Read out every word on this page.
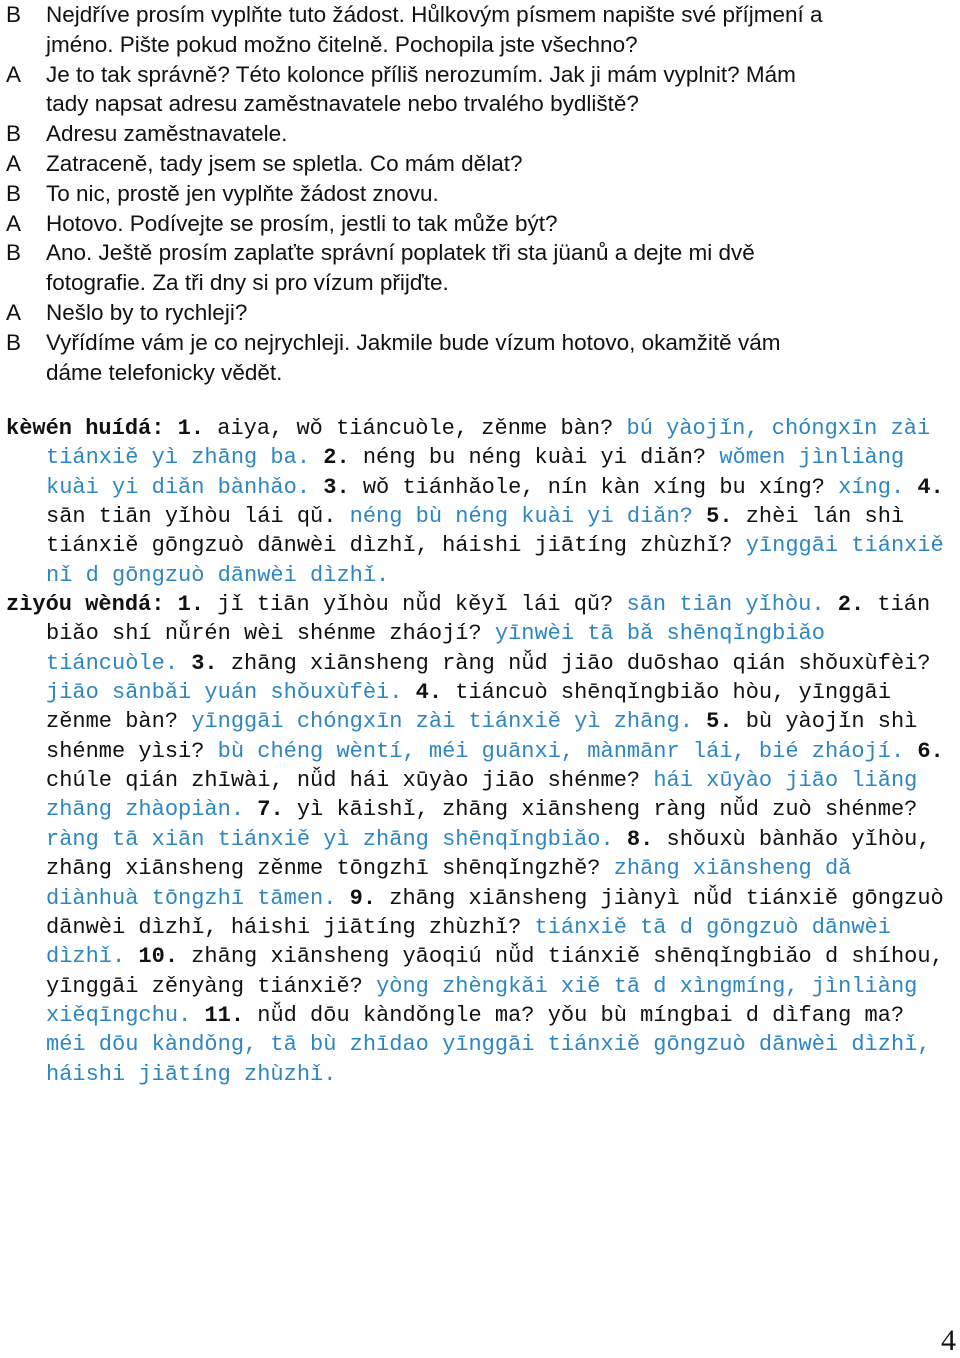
B	Nejdříve prosím vyplňte tuto žádost. Hůlkovým písmem napište své příjmení a
jméno. Pište pokud možno čitelně. Pochopila jste všechno?
A	Je to tak správně? Této kolonce příliš nerozumím. Jak ji mám vyplnit? Mám
tady napsat adresu zaměstnavatele nebo trvalého bydliště?
B	Adresu zaměstnavatele.
A	Zatraceně, tady jsem se spletla. Co mám dělat?
B	To nic, prostě jen vyplňte žádost znovu.
A	Hotovo. Podívejte se prosím, jestli to tak může být?
B	Ano. Ještě prosím zaplaťte správní poplatek tři sta jüanů a dejte mi dvě
fotografie. Za tři dny si pro vízum přijďte.
A	Nešlo by to rychleji?
B	Vyřídíme vám je co nejrychleji. Jakmile bude vízum hotovo, okamžitě vám
dáme telefonicky vědět.
kèwén huídá: 1. aiya, wǒ tiáncuòle, zěnme bàn? bú yàojǐn, chóngxīn zài tiánxiě yì zhāng ba. 2. néng bu néng kuài yi diǎn? wǒmen jìnliàng kuài yi diǎn bànhǎo. 3. wǒ tiánhǎole, nín kàn xíng bu xíng? xíng. 4. sān tiān yǐhòu lái qǔ. néng bù néng kuài yi diǎn? 5. zhèi lán shì tiánxiě gōngzuò dānwèi dìzhǐ, háishi jiātíng zhùzhǐ? yīnggāi tiánxiě nǐ d gōngzuò dānwèi dìzhǐ.
zìyóu wèndá: 1. jǐ tiān yǐhòu nǚd kěyǐ lái qǔ? sān tiān yǐhòu. 2. tián biǎo shí nǚrén wèi shénme zháojí? yīnwèi tā bǎ shēnqǐngbiǎo tiáncuòle. 3. zhāng xiānsheng ràng nǚd jiāo duōshao qián shǒuxùfèi? jiāo sānbǎi yuán shǒuxùfèi. 4. tiáncuò shēnqǐngbiǎo hòu, yīnggāi zěnme bàn? yīnggāi chóngxīn zài tiánxiě yì zhāng. 5. bù yàojǐn shì shénme yìsi? bù chéng wèntí, méi guānxi, mànmānr lái, bié zháojí. 6. chúle qián zhīwài, nǚd hái xūyào jiāo shénme? hái xūyào jiāo liǎng zhāng zhàopiàn. 7. yì kāishǐ, zhāng xiānsheng ràng nǚd zuò shénme? ràng tā xiān tiánxiě yì zhāng shēnqǐngbiǎo. 8. shǒuxù bànhǎo yǐhòu, zhāng xiānsheng zěnme tōngzhī shēnqǐngzhě? zhāng xiānsheng dǎ diànhuà tōngzhī tāmen. 9. zhāng xiānsheng jiànyì nǚd tiánxiě gōngzuò dānwèi dìzhǐ, háishi jiātíng zhùzhǐ? tiánxiě tā d gōngzuò dānwèi dìzhǐ. 10. zhāng xiānsheng yāoqiú nǚd tiánxiě shēnqǐngbiǎo d shíhou, yīnggāi zěnyàng tiánxiě? yòng zhèngkǎi xiě tā d xìngmíng, jìnliàng xiěqīngchu. 11. nǚd dōu kàndǒngle ma? yǒu bù míngbai d dìfang ma? méi dōu kàndǒng, tā bù zhīdao yīnggāi tiánxiě gōngzuò dānwèi dìzhǐ, háishi jiātíng zhùzhǐ.
4
